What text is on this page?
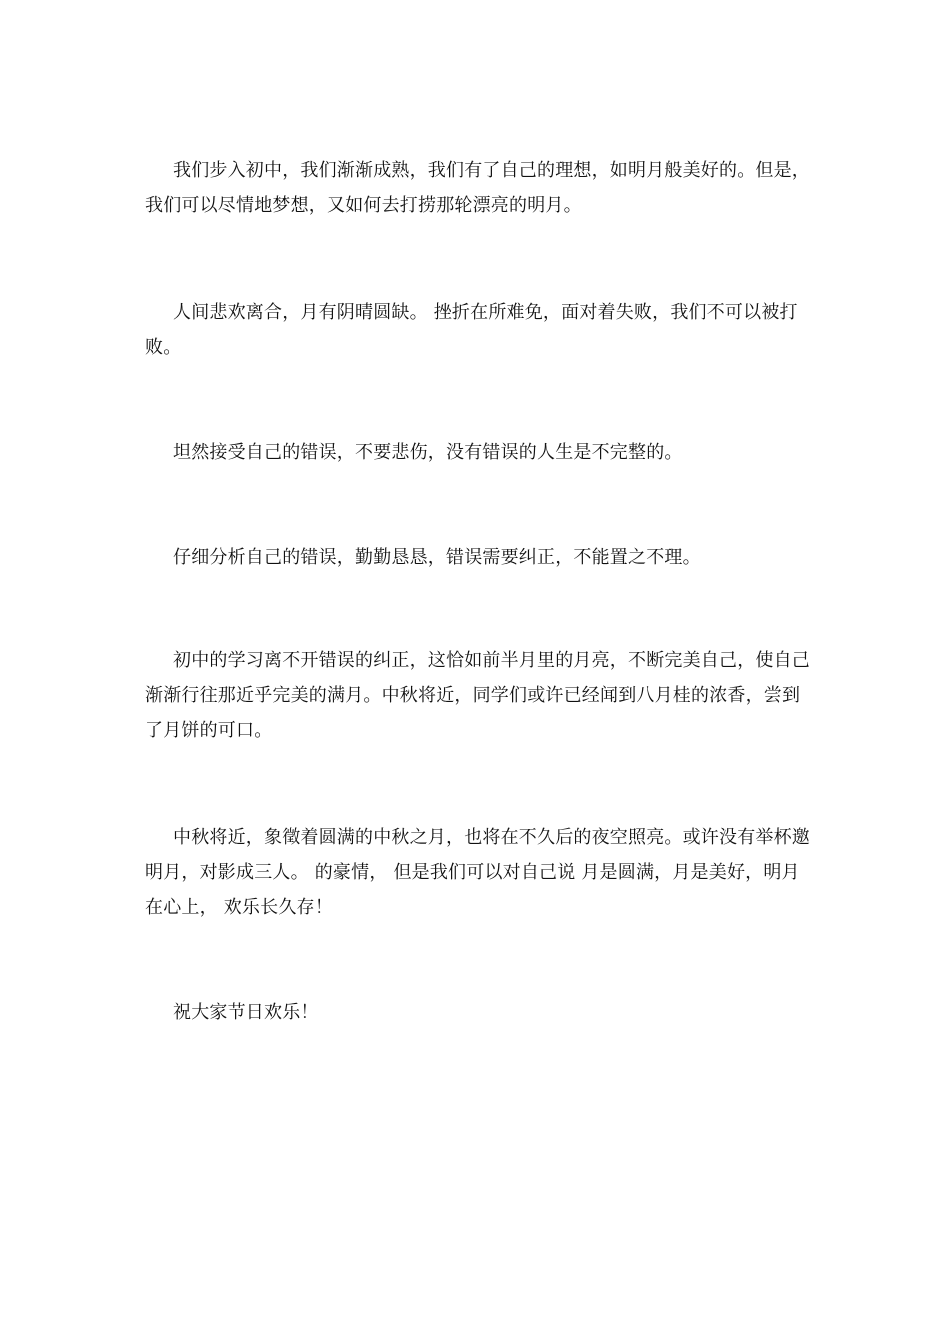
我们步入初中，我们渐渐成熟，我们有了自己的理想，如明月般美好的。但是，我们可以尽情地梦想，又如何去打捞那轮漂亮的明月。

人间悲欢离合，月有阴晴圆缺。 挫折在所难免，面对着失败，我们不可以被打败。

坦然接受自己的错误，不要悲伤，没有错误的人生是不完整的。

仔细分析自己的错误，勤勤恳恳，错误需要纠正，不能置之不理。

初中的学习离不开错误的纠正，这恰如前半月里的月亮，不断完美自己，使自己渐渐行往那近乎完美的满月。中秋将近，同学们或许已经闻到八月桂的浓香，尝到了月饼的可口。

中秋将近，象徵着圆满的中秋之月，也将在不久后的夜空照亮。或许没有举杯邀明月，对影成三人。 的豪情， 但是我们可以对自己说 月是圆满，月是美好，明月在心上， 欢乐长久存！

祝大家节日欢乐！
